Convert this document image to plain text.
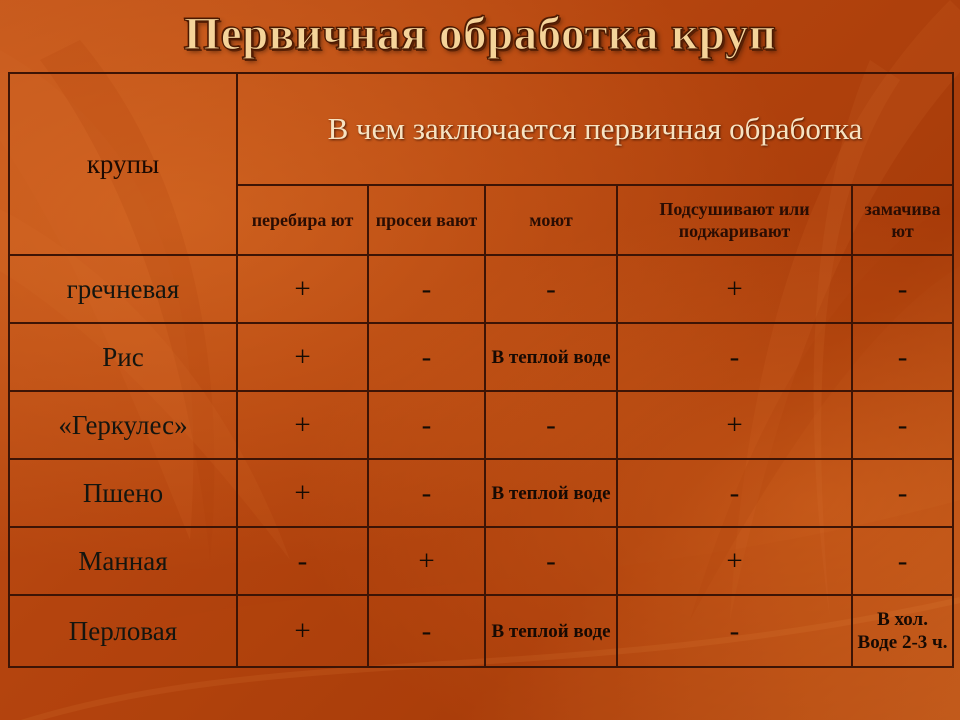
Первичная обработка круп
крупы	В чем заключается первичная обработка				
	перебира ют	просеи вают	моют	Подсушивают или поджаривают	замачива ют
гречневая	+	-	-	+	-
Рис	+	-	В теплой воде	-	-
«Геркулес»	+	-	-	+	-
Пшено	+	-	В теплой воде	-	-
Манная	-	+	-	+	-
Перловая	+	-	В теплой воде	-	В хол. Воде 2-3 ч.
